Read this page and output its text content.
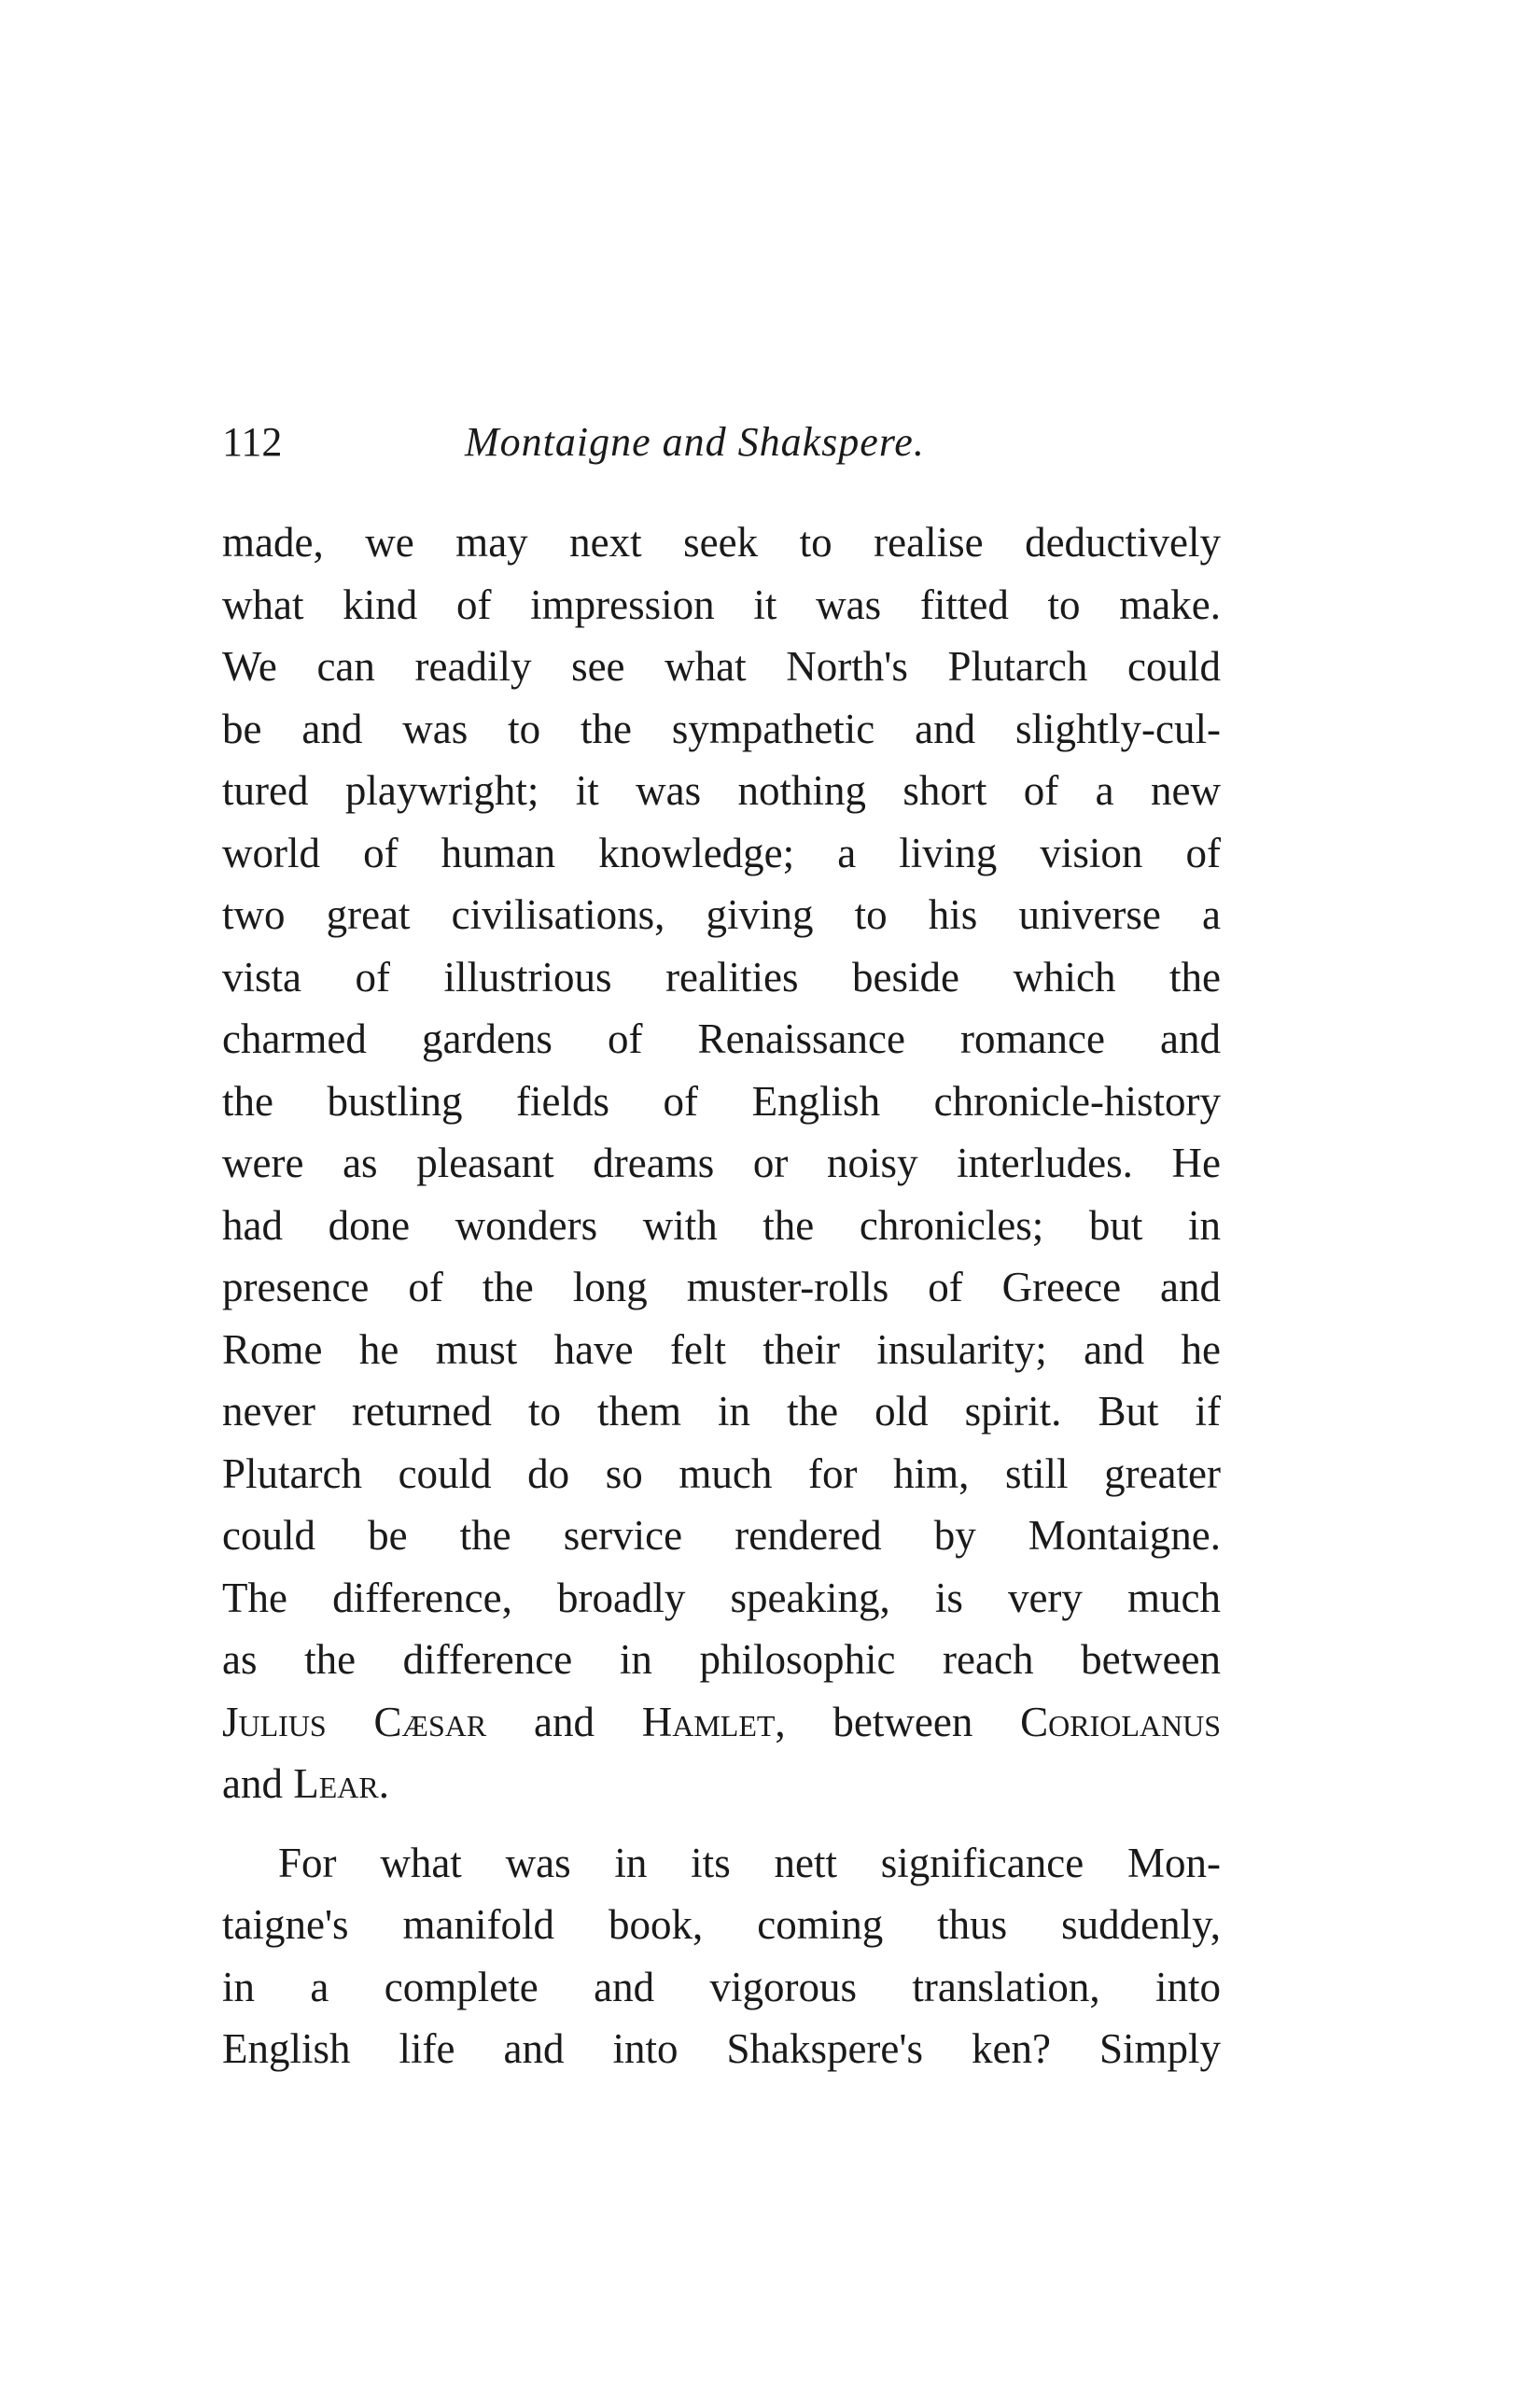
112	Montaigne and Shakspere.
made, we may next seek to realise deductively
what kind of impression it was fitted to make.
We can readily see what North's Plutarch could
be and was to the sympathetic and slightly-cul-
tured playwright; it was nothing short of a new
world of human knowledge; a living vision of
two great civilisations, giving to his universe a
vista of illustrious realities beside which the
charmed gardens of Renaissance romance and
the bustling fields of English chronicle-history
were as pleasant dreams or noisy interludes. He
had done wonders with the chronicles; but in
presence of the long muster-rolls of Greece and
Rome he must have felt their insularity; and he
never returned to them in the old spirit. But if
Plutarch could do so much for him, still greater
could be the service rendered by Montaigne.
The difference, broadly speaking, is very much
as the difference in philosophic reach between
Julius Cæsar and Hamlet, between Coriolanus
and Lear.
For what was in its nett significance Mon-
taigne's manifold book, coming thus suddenly,
in a complete and vigorous translation, into
English life and into Shakspere's ken? Simply
